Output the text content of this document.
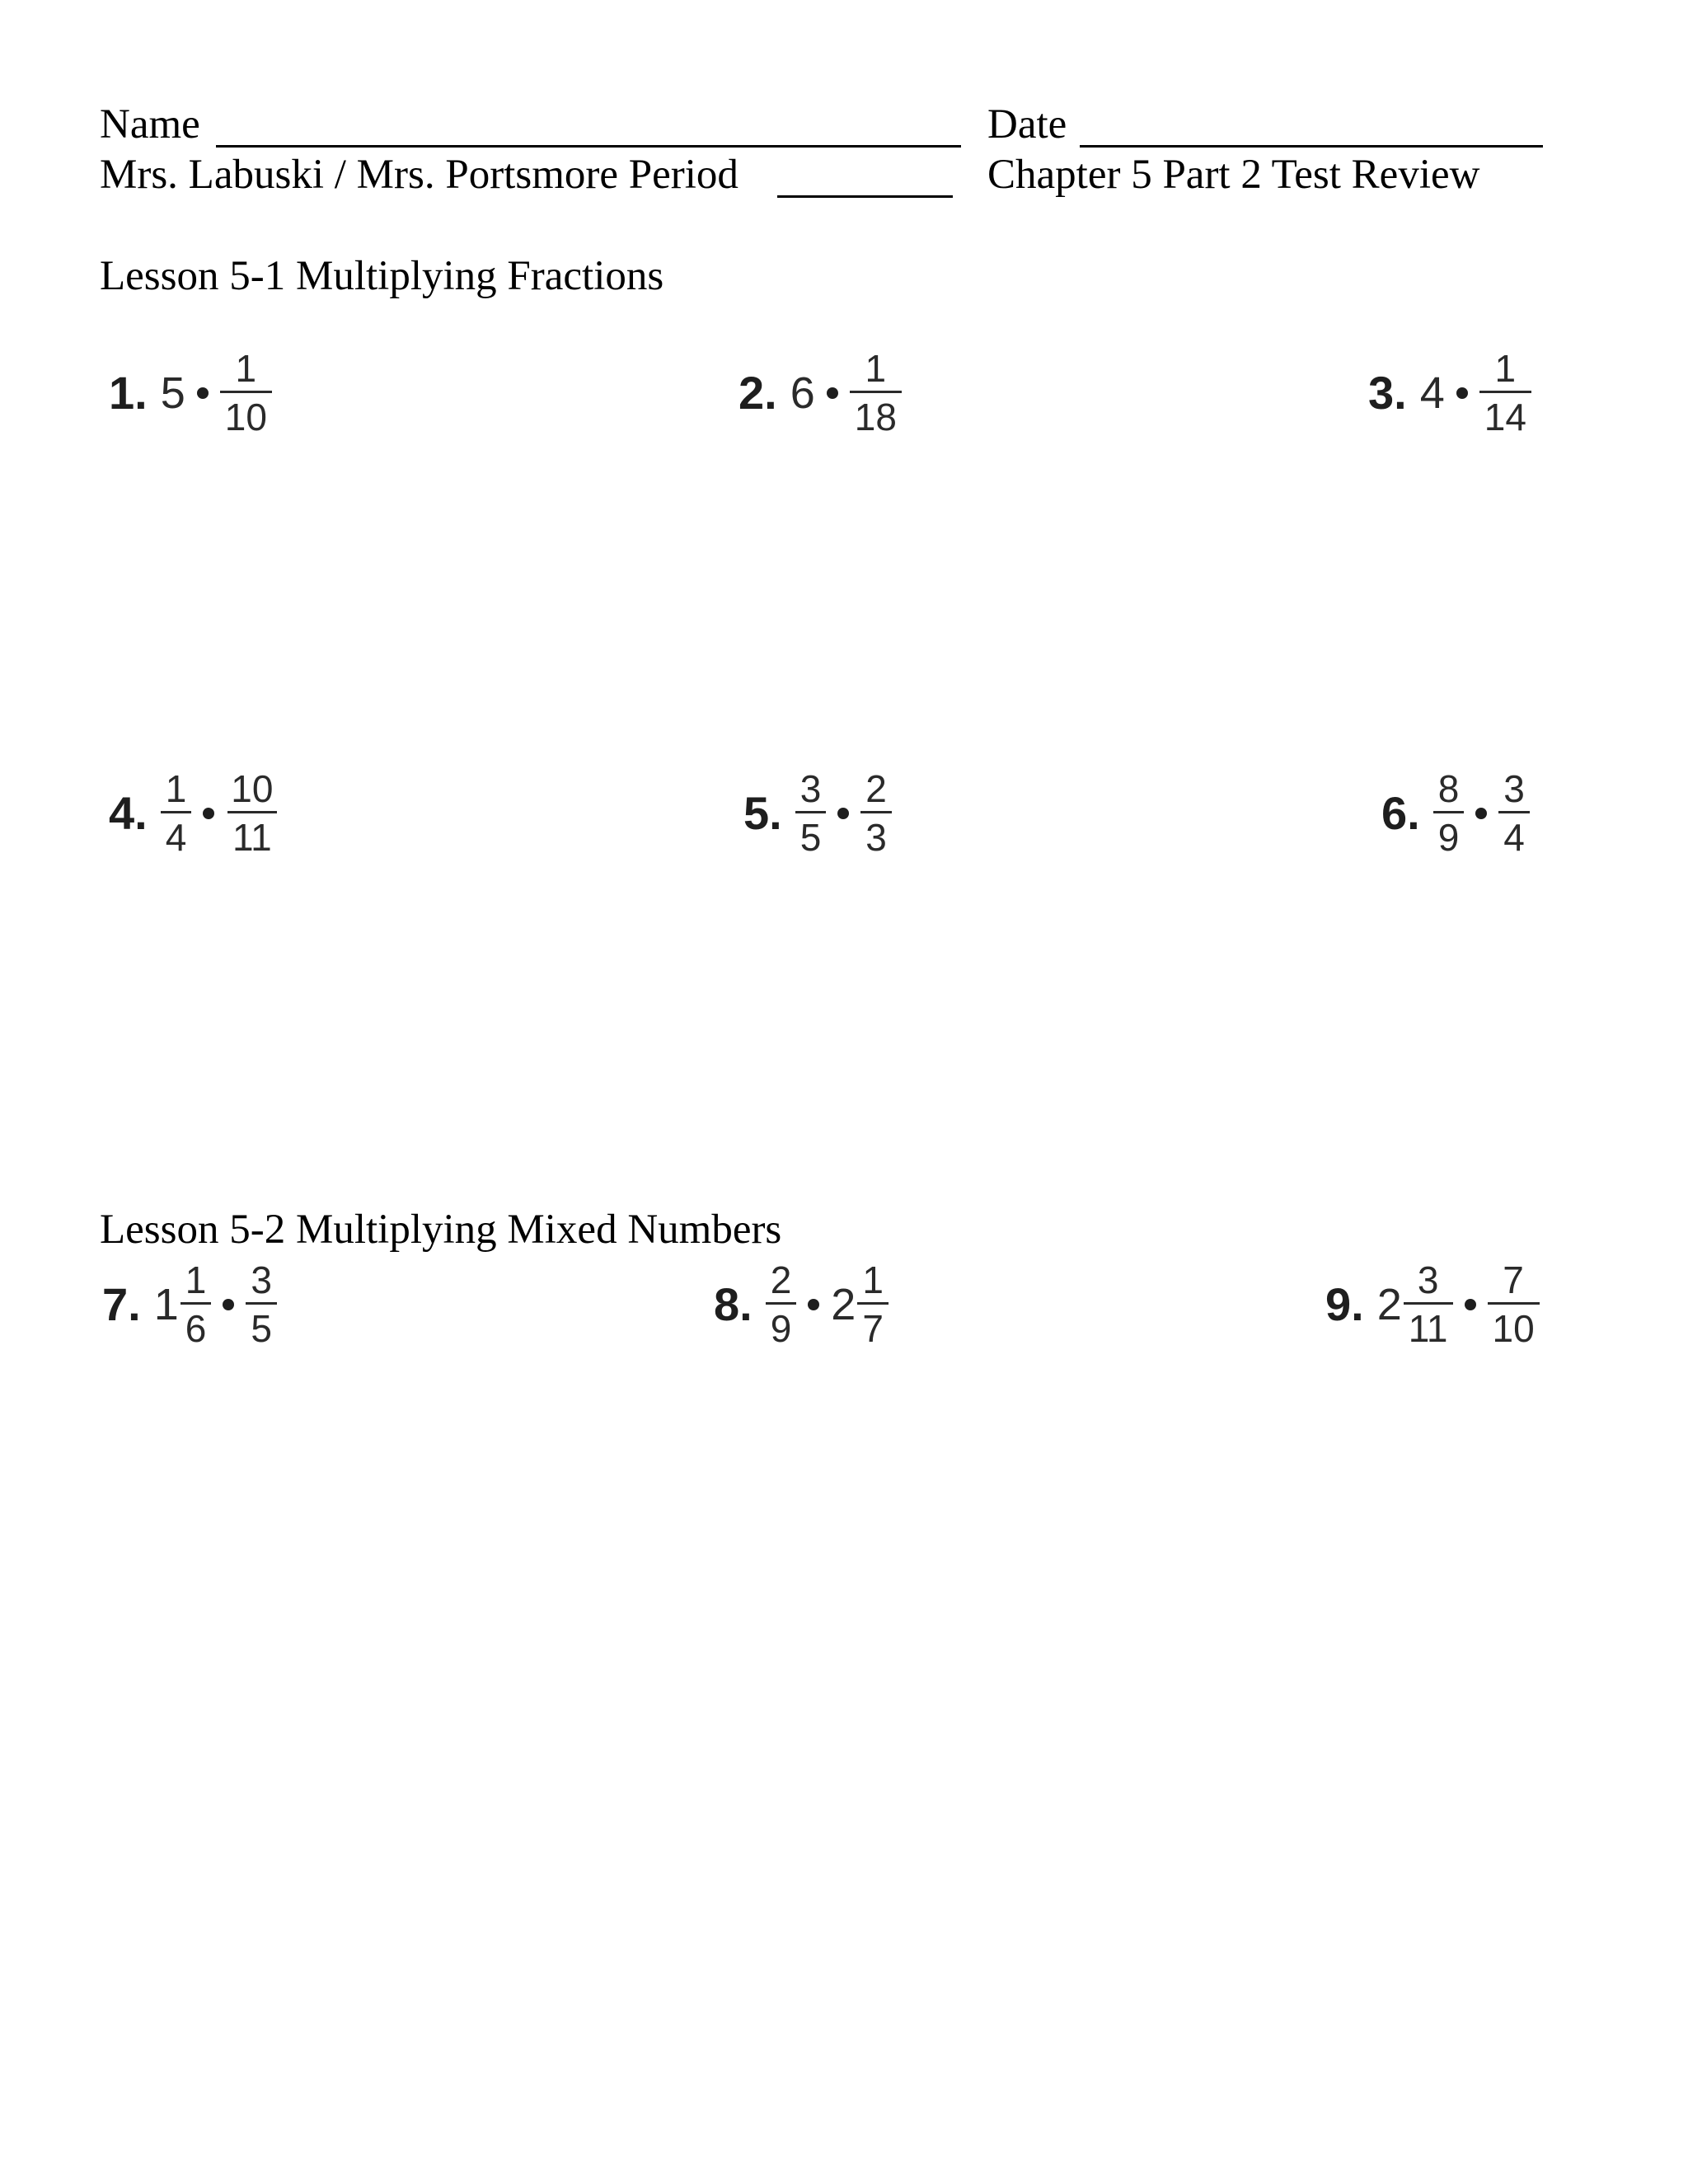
Name	Date
Mrs. Labuski / Mrs. Portsmore Period	Chapter 5 Part 2 Test Review
Lesson 5-1 Multiplying Fractions
1. $5 \frac{1}{10}$	2. $6 \frac{1}{18}$	3. $4 \frac{1}{14}$
4. $\frac{1}{4} \frac{10}{11}$	5. $\frac{3}{5} \frac{2}{3}$	6. $\frac{8}{9} \frac{3}{4}$
Lesson 5-2 Multiplying Mixed Numbers
7. $1 \frac{1}{6} \frac{3}{5}$	8. $\frac{2}{9} 2 \frac{1}{7}$	9. $2 \frac{3}{11} \frac{7}{10}$
